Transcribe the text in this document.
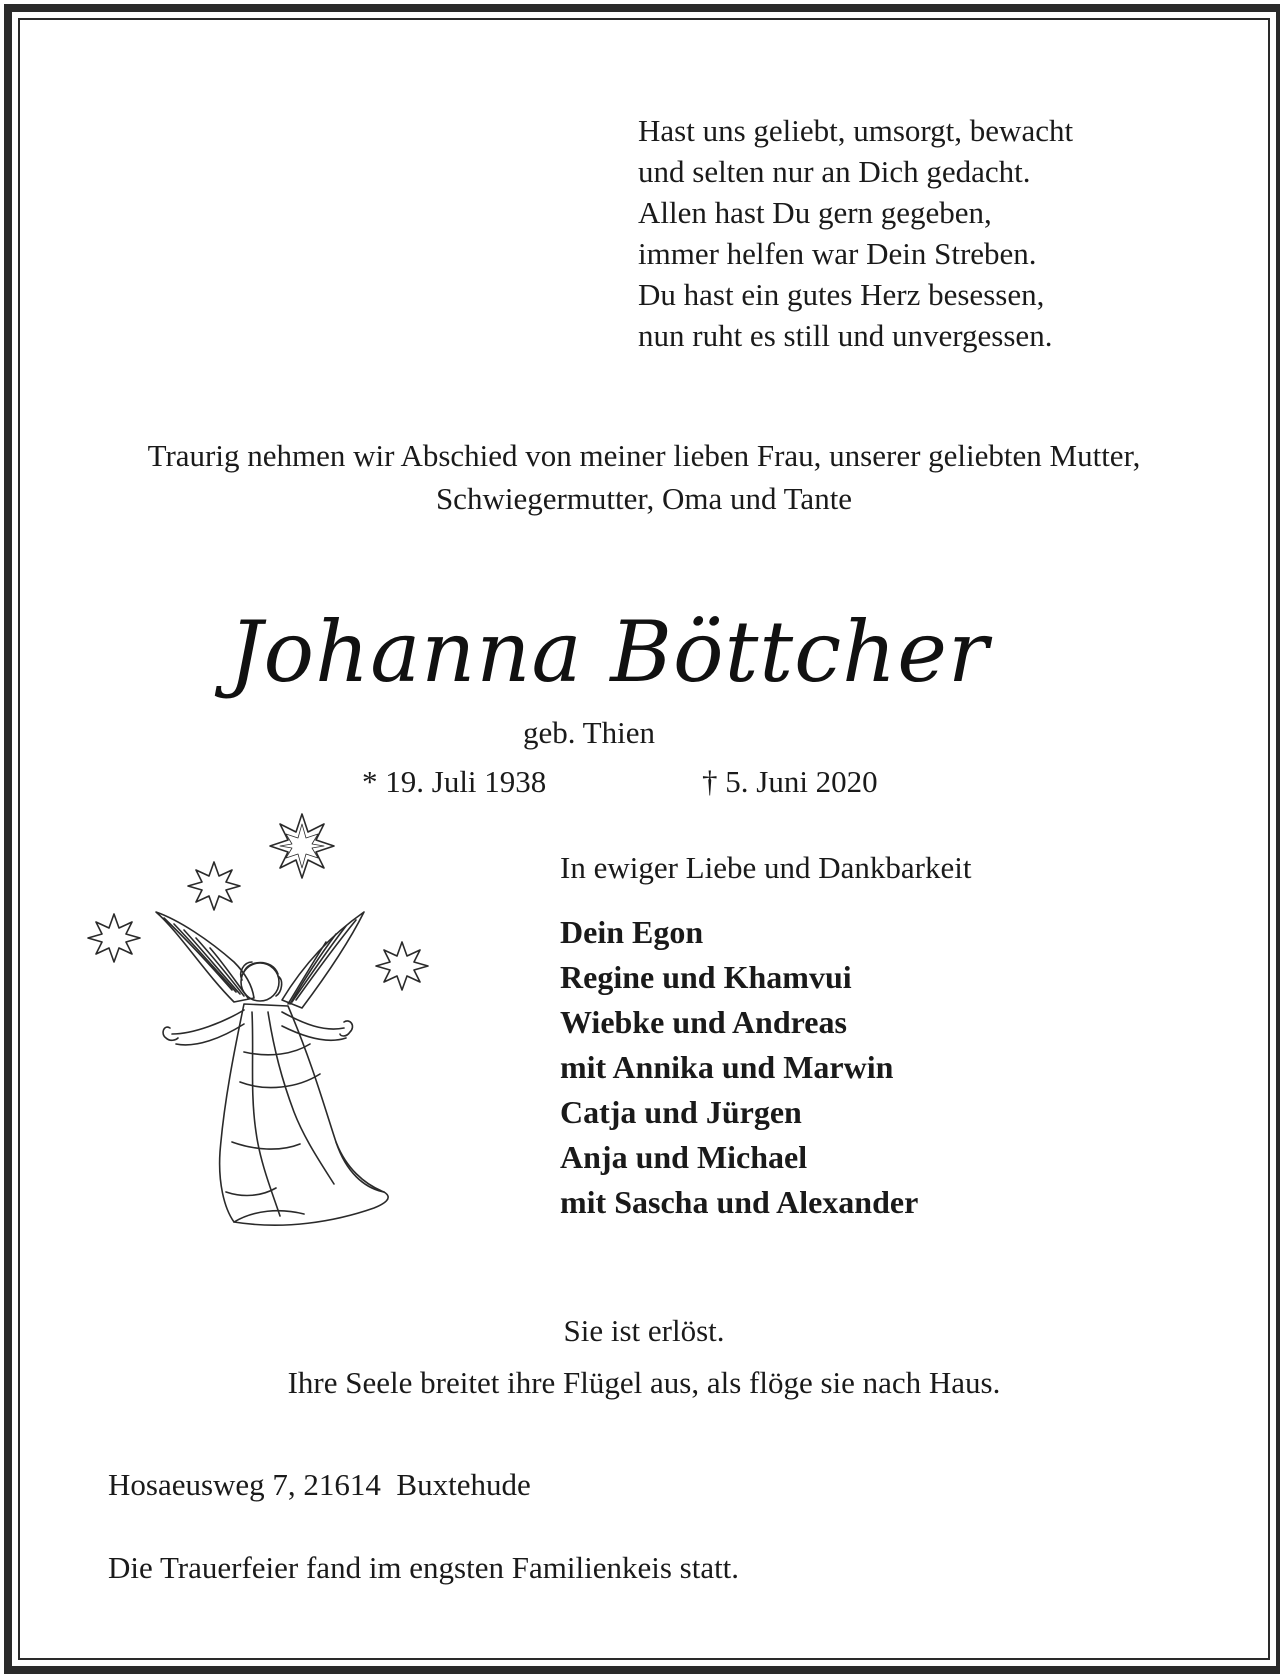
Hast uns geliebt, umsorgt, bewacht
und selten nur an Dich gedacht.
Allen hast Du gern gegeben,
immer helfen war Dein Streben.
Du hast ein gutes Herz besessen,
nun ruht es still und unvergessen.
Traurig nehmen wir Abschied von meiner lieben Frau, unserer geliebten Mutter,
Schwiegermutter, Oma und Tante
Johanna Böttcher
geb. Thien
* 19. Juli 1938	† 5. Juni 2020
In ewiger Liebe und Dankbarkeit
Dein Egon
Regine und Khamvui
Wiebke und Andreas
mit Annika und Marwin
Catja und Jürgen
Anja und Michael
mit Sascha und Alexander
Sie ist erlöst.
Ihre Seele breitet ihre Flügel aus, als flöge sie nach Haus.
Hosaeusweg 7, 21614  Buxtehude
Die Trauerfeier fand im engsten Familienkeis statt.
